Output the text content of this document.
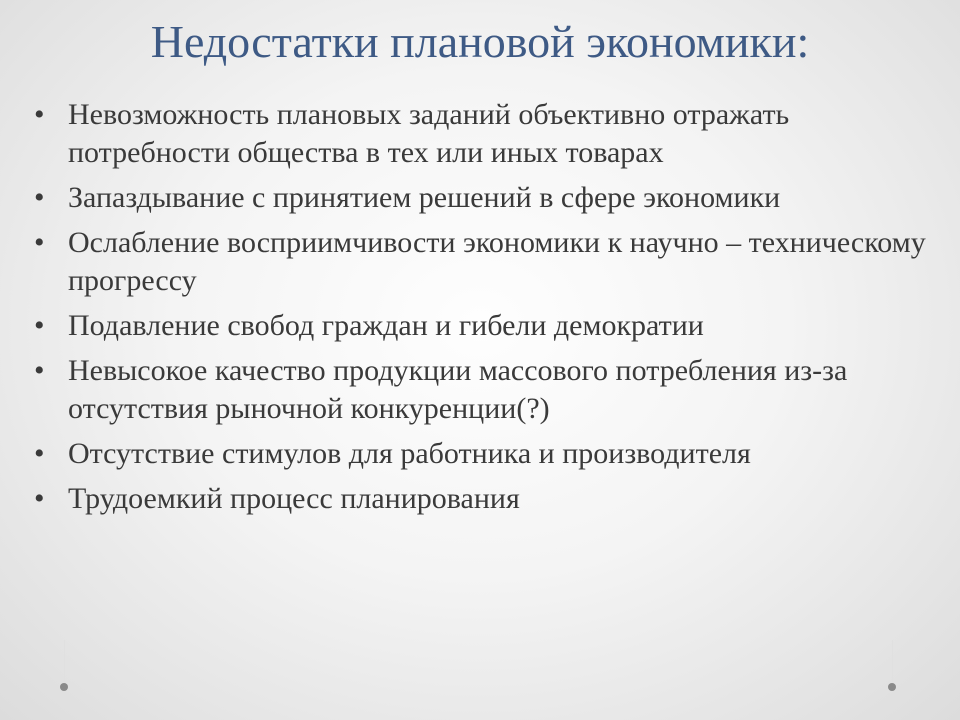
Недостатки плановой экономики:
• Невозможность плановых заданий объективно отражать потребности общества в тех или иных товарах
• Запаздывание с принятием решений в сфере экономики
• Ослабление восприимчивости экономики к научно – техническому прогрессу
• Подавление свобод граждан и гибели демократии
• Невысокое качество продукции массового потребления из-за отсутствия рыночной конкуренции(?)
• Отсутствие стимулов для работника и производителя
• Трудоемкий процесс планирования
